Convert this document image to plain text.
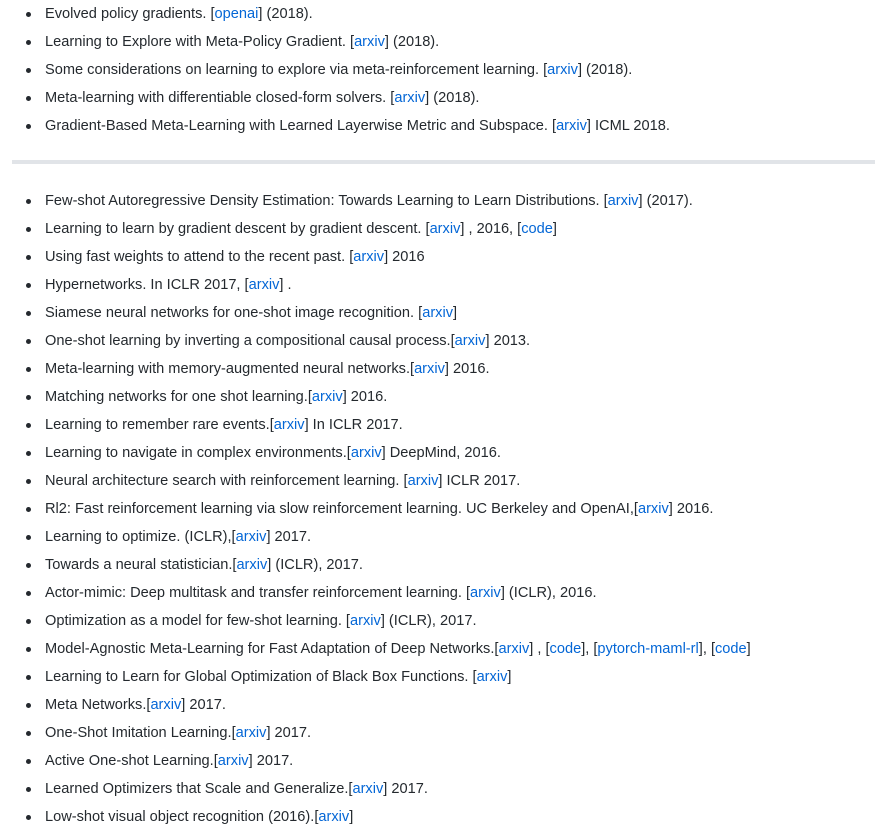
Evolved policy gradients. [openai] (2018).
Learning to Explore with Meta-Policy Gradient. [arxiv] (2018).
Some considerations on learning to explore via meta-reinforcement learning. [arxiv] (2018).
Meta-learning with differentiable closed-form solvers. [arxiv] (2018).
Gradient-Based Meta-Learning with Learned Layerwise Metric and Subspace. [arxiv] ICML 2018.
Few-shot Autoregressive Density Estimation: Towards Learning to Learn Distributions. [arxiv] (2017).
Learning to learn by gradient descent by gradient descent. [arxiv] , 2016, [code]
Using fast weights to attend to the recent past. [arxiv] 2016
Hypernetworks. In ICLR 2017, [arxiv] .
Siamese neural networks for one-shot image recognition. [arxiv]
One-shot learning by inverting a compositional causal process.[arxiv] 2013.
Meta-learning with memory-augmented neural networks.[arxiv] 2016.
Matching networks for one shot learning.[arxiv] 2016.
Learning to remember rare events.[arxiv] In ICLR 2017.
Learning to navigate in complex environments.[arxiv] DeepMind, 2016.
Neural architecture search with reinforcement learning. [arxiv] ICLR 2017.
Rl2: Fast reinforcement learning via slow reinforcement learning. UC Berkeley and OpenAI,[arxiv] 2016.
Learning to optimize. (ICLR),[arxiv] 2017.
Towards a neural statistician.[arxiv] (ICLR), 2017.
Actor-mimic: Deep multitask and transfer reinforcement learning. [arxiv] (ICLR), 2016.
Optimization as a model for few-shot learning. [arxiv] (ICLR), 2017.
Model-Agnostic Meta-Learning for Fast Adaptation of Deep Networks.[arxiv] , [code], [pytorch-maml-rl], [code]
Learning to Learn for Global Optimization of Black Box Functions. [arxiv]
Meta Networks.[arxiv] 2017.
One-Shot Imitation Learning.[arxiv] 2017.
Active One-shot Learning.[arxiv] 2017.
Learned Optimizers that Scale and Generalize.[arxiv] 2017.
Low-shot visual object recognition (2016).[arxiv]
